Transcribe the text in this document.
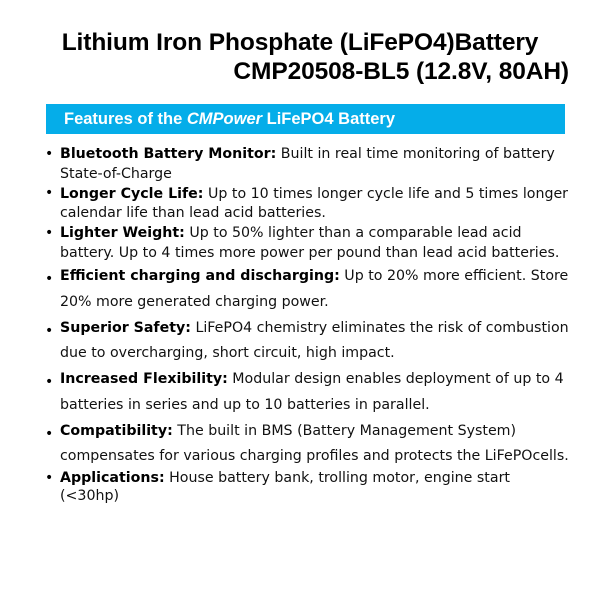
Lithium Iron Phosphate (LiFePO4)Battery
CMP20508-BL5 (12.8V, 80AH)
Features of the CMPower LiFePO4 Battery
• Bluetooth Battery Monitor: Built in real time monitoring of battery State-of-Charge
• Longer Cycle Life: Up to 10 times longer cycle life and 5 times longer calendar life than lead acid batteries.
• Lighter Weight: Up to 50% lighter than a comparable lead acid battery. Up to 4 times more power per pound than lead acid batteries.
• Efficient charging and discharging: Up to 20% more efficient. Store 20% more generated charging power.
• Superior Safety: LiFePO4 chemistry eliminates the risk of combustion due to overcharging, short circuit, high impact.
• Increased Flexibility: Modular design enables deployment of up to 4 batteries in series and up to 10 batteries in parallel.
• Compatibility: The built in BMS (Battery Management System) compensates for various charging profiles and protects the LiFePOcells.
• Applications: House battery bank, trolling motor, engine start (<30hp)
